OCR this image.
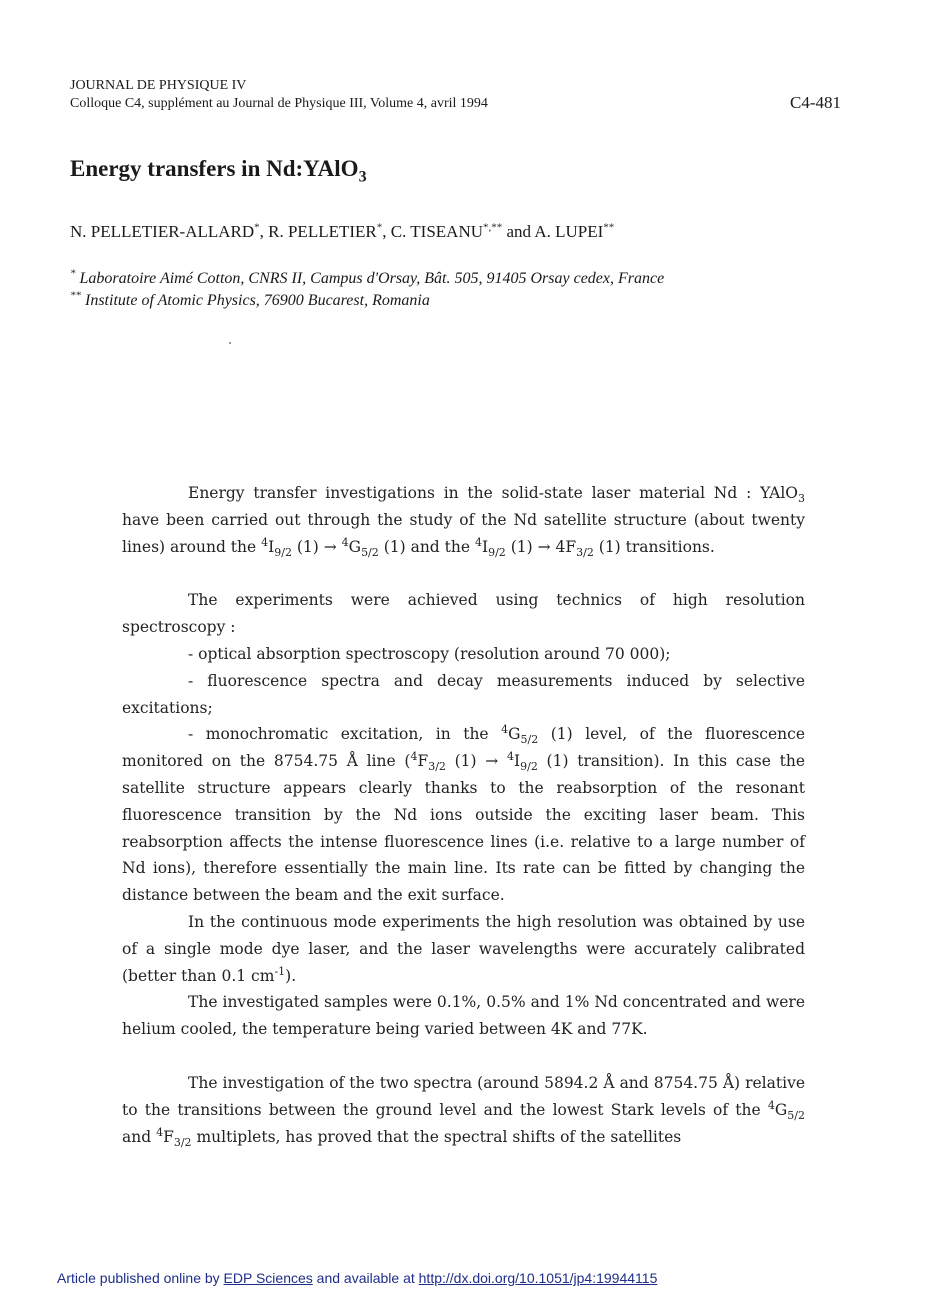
JOURNAL DE PHYSIQUE IV
Colloque C4, supplément au Journal de Physique III, Volume 4, avril 1994	C4-481
Energy transfers in Nd:YAlO$_3$
N. PELLETIER-ALLARD*, R. PELLETIER*, C. TISEANU*,** and A. LUPEI**
* Laboratoire Aimé Cotton, CNRS II, Campus d'Orsay, Bât. 505, 91405 Orsay cedex, France
** Institute of Atomic Physics, 76900 Bucarest, Romania

Energy transfer investigations in the solid-state laser material Nd : YAlO$_3$ have been carried out through the study of the Nd satellite structure (about twenty lines) around the $^4I_{9/2}$ $(1) \to ^4G_{5/2}$ (1) and the $^4I_{9/2}$ $(1) \to 4F_{3/2}$ (1) transitions.

The experiments were achieved using technics of high resolution spectroscopy :

- optical absorption spectroscopy (resolution around 70 000);

- fluorescence spectra and decay measurements induced by selective excitations;

- monochromatic excitation, in the $^4G_{5/2}$ (1) level, of the fluorescence monitored on the 8754.75 Å line ($^4F_{3/2}$ $(1) \to ^4I_{9/2}$ (1) transition). In this case the satellite structure appears clearly thanks to the reabsorption of the resonant fluorescence transition by the Nd ions outside the exciting laser beam. This reabsorption affects the intense fluorescence lines (i.e. relative to a large number of Nd ions), therefore essentially the main line. Its rate can be fitted by changing the distance between the beam and the exit surface.

In the continuous mode experiments the high resolution was obtained by use of a single mode dye laser, and the laser wavelengths were accurately calibrated (better than 0.1 $cm^{-1}$).

The investigated samples were 0.1%, 0.5% and 1% Nd concentrated and were helium cooled, the temperature being varied between 4K and 77K.

The investigation of the two spectra (around 5894.2 Å and 8754.75 Å) relative to the transitions between the ground level and the lowest Stark levels of the $^4G_{5/2}$ and $^4F_{3/2}$ multiplets, has proved that the spectral shifts of the satellites

Article published online by EDP Sciences and available at http://dx.doi.org/10.1051/jp4:19944115
